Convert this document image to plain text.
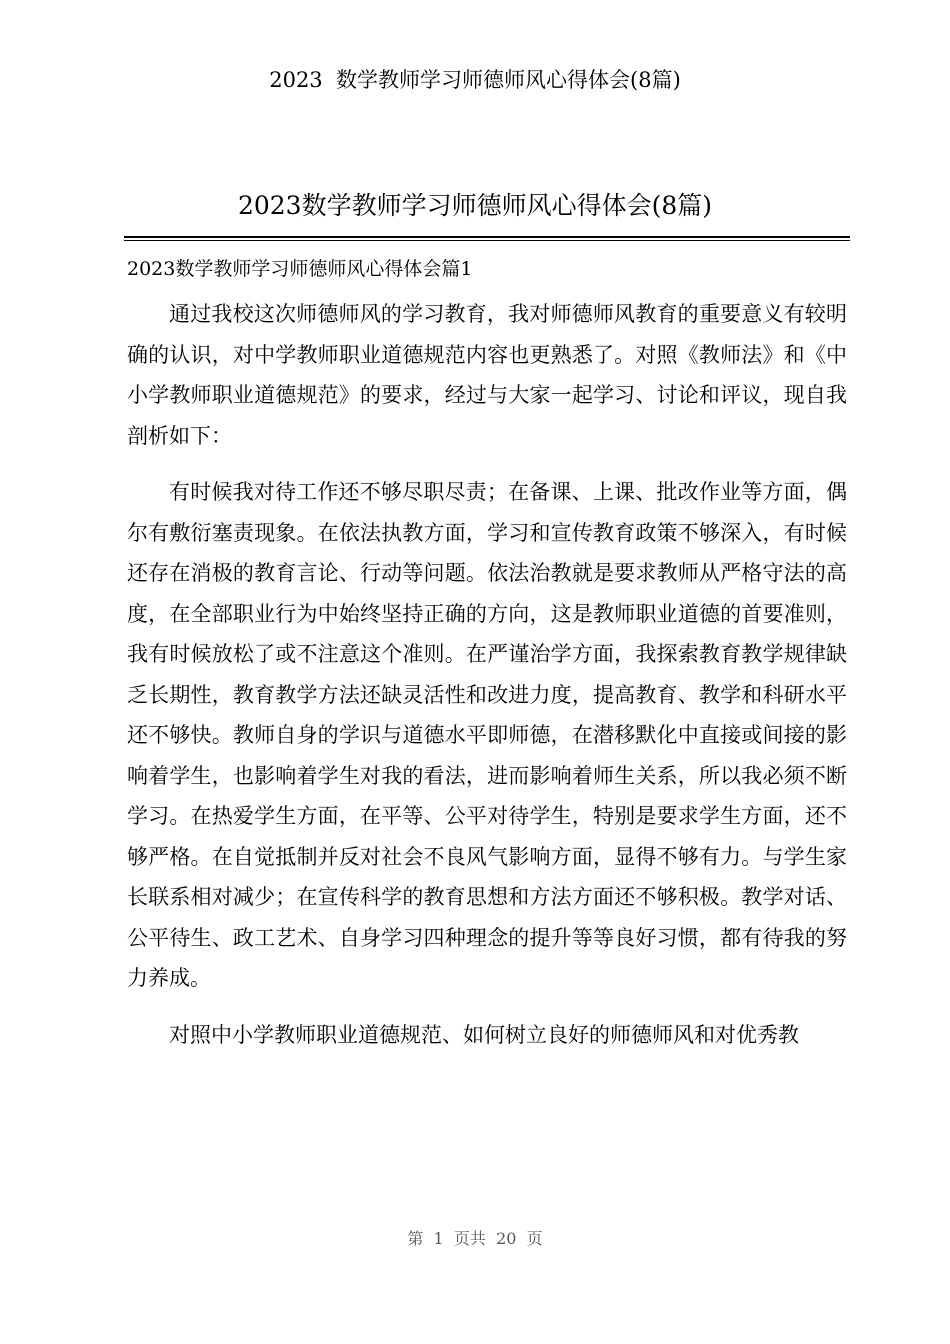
2023  数学教师学习师德师风心得体会(8篇)
2023数学教师学习师德师风心得体会(8篇)

2023数学教师学习师德师风心得体会篇1

通过我校这次师德师风的学习教育，我对师德师风教育的重要意义有较明确的认识，对中学教师职业道德规范内容也更熟悉了。对照《教师法》和《中小学教师职业道德规范》的要求，经过与大家一起学习、讨论和评议，现自我剖析如下：

有时候我对待工作还不够尽职尽责；在备课、上课、批改作业等方面，偶尔有敷衍塞责现象。在依法执教方面，学习和宣传教育政策不够深入，有时候还存在消极的教育言论、行动等问题。依法治教就是要求教师从严格守法的高度，在全部职业行为中始终坚持正确的方向，这是教师职业道德的首要准则，我有时候放松了或不注意这个准则。在严谨治学方面，我探索教育教学规律缺乏长期性，教育教学方法还缺灵活性和改进力度，提高教育、教学和科研水平还不够快。教师自身的学识与道德水平即师德，在潜移默化中直接或间接的影响着学生，也影响着学生对我的看法，进而影响着师生关系，所以我必须不断学习。在热爱学生方面，在平等、公平对待学生，特别是要求学生方面，还不够严格。在自觉抵制并反对社会不良风气影响方面，显得不够有力。与学生家长联系相对减少；在宣传科学的教育思想和方法方面还不够积极。教学对话、公平待生、政工艺术、自身学习四种理念的提升等等良好习惯，都有待我的努力养成。

对照中小学教师职业道德规范、如何树立良好的师德师风和对优秀教

第  1  页共  20  页
